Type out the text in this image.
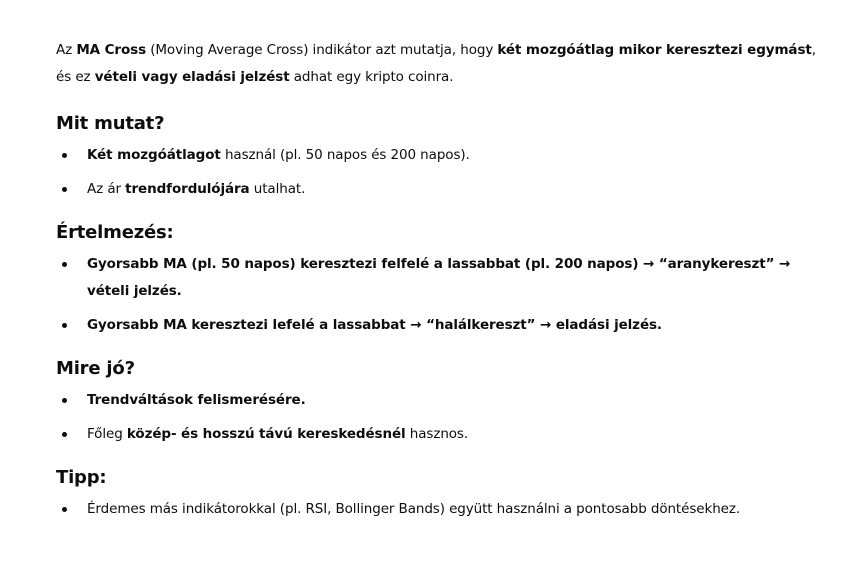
Az MA Cross (Moving Average Cross) indikátor azt mutatja, hogy két mozgóátlag mikor keresztezi egymást,
és ez vételi vagy eladási jelzést adhat egy kripto coinra.

Mit mutat?
Két mozgóátlagot használ (pl. 50 napos és 200 napos).
Az ár trendfordulójára utalhat.
Értelmezés:
Gyorsabb MA (pl. 50 napos) keresztezi felfelé a lassabbat (pl. 200 napos) → “aranykereszt” → vételi jelzés.
Gyorsabb MA keresztezi lefelé a lassabbat → “halálkereszt” → eladási jelzés.
Mire jó?
Trendváltások felismerésére.
Főleg közép- és hosszú távú kereskedésnél hasznos.
Tipp:
Érdemes más indikátorokkal (pl. RSI, Bollinger Bands) együtt használni a pontosabb döntésekhez.
